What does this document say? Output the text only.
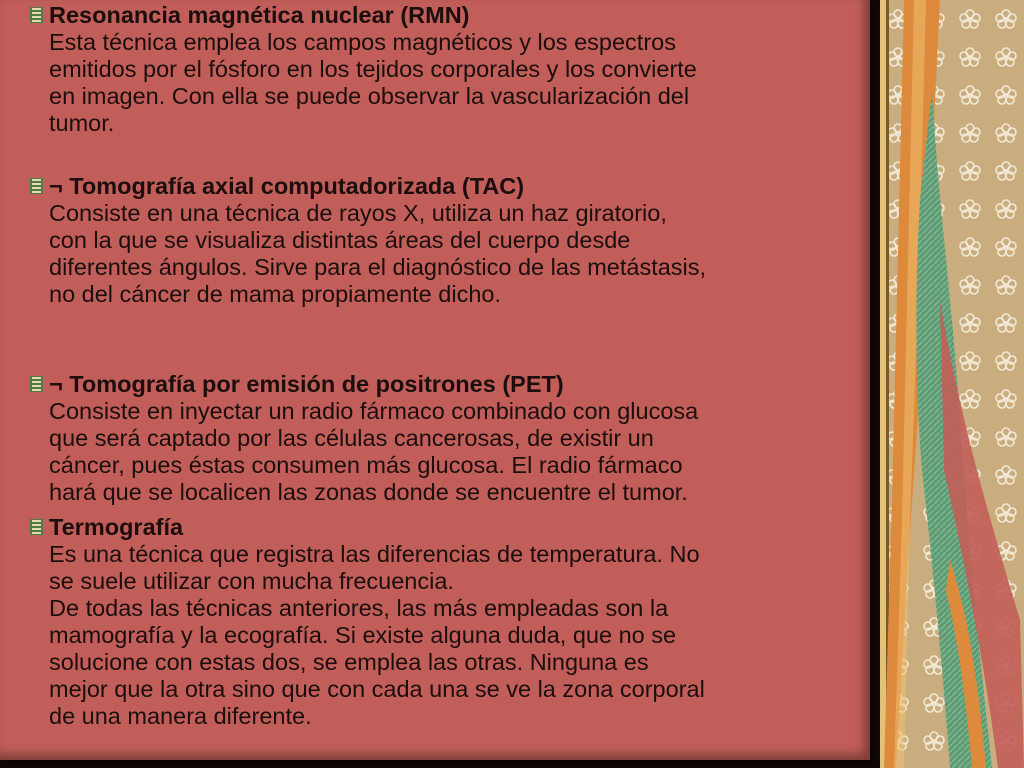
Resonancia magnética nuclear (RMN)
Esta técnica emplea los campos magnéticos y los espectros
emitidos por el fósforo en los tejidos corporales y los convierte
en imagen. Con ella se puede observar la vascularización del
tumor.
¬ Tomografía axial computadorizada (TAC)
Consiste en una técnica de rayos X, utiliza un haz giratorio,
con la que se visualiza distintas áreas del cuerpo desde
diferentes ángulos. Sirve para el diagnóstico de las metástasis,
no del cáncer de mama propiamente dicho.
¬ Tomografía por emisión de positrones (PET)
Consiste en inyectar un radio fármaco combinado con glucosa
que será captado por las células cancerosas, de existir un
cáncer, pues éstas consumen más glucosa. El radio fármaco
hará que se localicen las zonas donde se encuentre el tumor.
Termografía
Es una técnica que registra las diferencias de temperatura. No
se suele utilizar con mucha frecuencia.
De todas las técnicas anteriores, las más empleadas son la
mamografía y la ecografía. Si existe alguna duda, que no se
solucione con estas dos, se emplea las otras. Ninguna es
mejor que la otra sino que con cada una se ve la zona corporal
de una manera diferente.
